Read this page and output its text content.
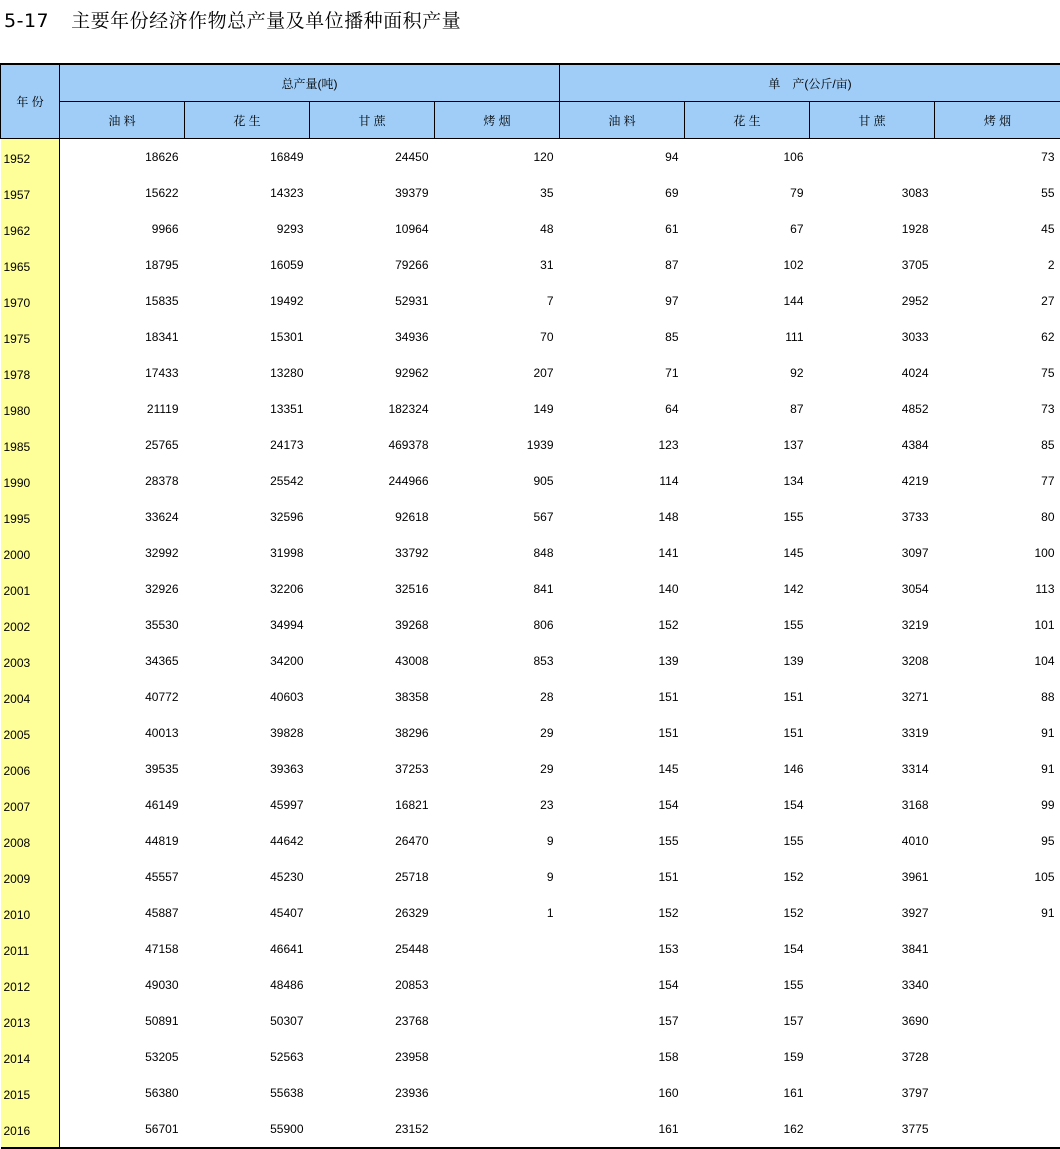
5-17 主要年份经济作物总产量及单位播种面积产量
年 份	总产量(吨)				单　产(公斤/亩)			
	油 料	花 生	甘 蔗	烤 烟	油 料	花 生	甘 蔗	烤 烟
1952	18626	16849	24450	120	94	106		73
1957	15622	14323	39379	35	69	79	3083	55
1962	9966	9293	10964	48	61	67	1928	45
1965	18795	16059	79266	31	87	102	3705	2
1970	15835	19492	52931	7	97	144	2952	27
1975	18341	15301	34936	70	85	111	3033	62
1978	17433	13280	92962	207	71	92	4024	75
1980	21119	13351	182324	149	64	87	4852	73
1985	25765	24173	469378	1939	123	137	4384	85
1990	28378	25542	244966	905	114	134	4219	77
1995	33624	32596	92618	567	148	155	3733	80
2000	32992	31998	33792	848	141	145	3097	100
2001	32926	32206	32516	841	140	142	3054	113
2002	35530	34994	39268	806	152	155	3219	101
2003	34365	34200	43008	853	139	139	3208	104
2004	40772	40603	38358	28	151	151	3271	88
2005	40013	39828	38296	29	151	151	3319	91
2006	39535	39363	37253	29	145	146	3314	91
2007	46149	45997	16821	23	154	154	3168	99
2008	44819	44642	26470	9	155	155	4010	95
2009	45557	45230	25718	9	151	152	3961	105
2010	45887	45407	26329	1	152	152	3927	91
2011	47158	46641	25448		153	154	3841	
2012	49030	48486	20853		154	155	3340	
2013	50891	50307	23768		157	157	3690	
2014	53205	52563	23958		158	159	3728	
2015	56380	55638	23936		160	161	3797	
2016	56701	55900	23152		161	162	3775	
